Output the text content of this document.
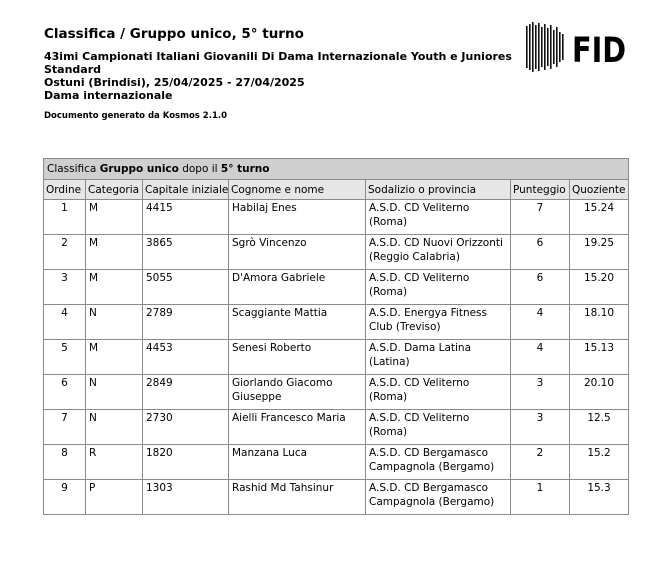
Classifica / Gruppo unico, 5° turno
43imi Campionati Italiani Giovanili Di Dama Internazionale Youth e Juniores Standard
Ostuni (Brindisi), 25/04/2025 - 27/04/2025
Dama internazionale
Documento generato da Kosmos 2.1.0
FID
Classifica Gruppo unico dopo il 5° turno						
Ordine	Categoria	Capitale iniziale	Cognome e nome	Sodalizio o provincia	Punteggio	Quoziente
1	M	4415	Habilaj Enes	A.S.D. CD Veliterno (Roma)	7	15.24
2	M	3865	Sgrò Vincenzo	A.S.D. CD Nuovi Orizzonti (Reggio Calabria)	6	19.25
3	M	5055	D'Amora Gabriele	A.S.D. CD Veliterno (Roma)	6	15.20
4	N	2789	Scaggiante Mattia	A.S.D. Energya Fitness Club (Treviso)	4	18.10
5	M	4453	Senesi Roberto	A.S.D. Dama Latina (Latina)	4	15.13
6	N	2849	Giorlando Giacomo Giuseppe	A.S.D. CD Veliterno (Roma)	3	20.10
7	N	2730	Aielli Francesco Maria	A.S.D. CD Veliterno (Roma)	3	12.5
8	R	1820	Manzana Luca	A.S.D. CD Bergamasco Campagnola (Bergamo)	2	15.2
9	P	1303	Rashid Md Tahsinur	A.S.D. CD Bergamasco Campagnola (Bergamo)	1	15.3
